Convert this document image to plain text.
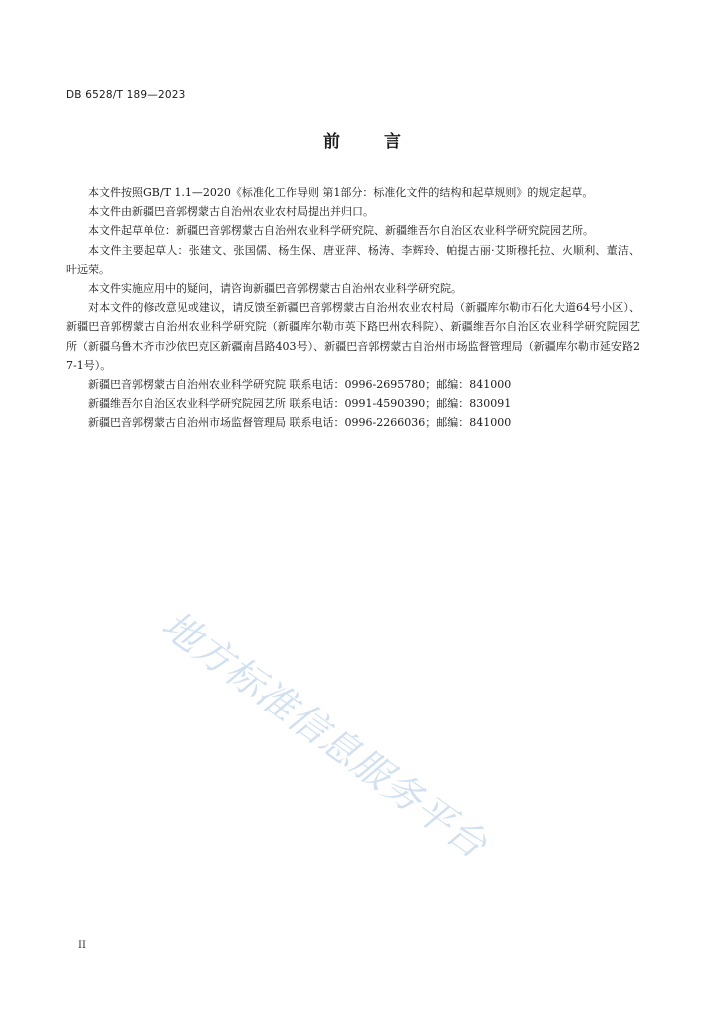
DB 6528/T 189—2023
前	言

本文件按照GB/T 1.1—2020《标准化工作导则 第1部分：标准化文件的结构和起草规则》的规定起草。

本文件由新疆巴音郭楞蒙古自治州农业农村局提出并归口。

本文件起草单位：新疆巴音郭楞蒙古自治州农业科学研究院、新疆维吾尔自治区农业科学研究院园艺所。

本文件主要起草人：张建文、张国儒、杨生保、唐亚萍、杨涛、李辉玲、帕提古丽·艾斯穆托拉、火顺利、董洁、叶远荣。

本文件实施应用中的疑问，请咨询新疆巴音郭楞蒙古自治州农业科学研究院。

对本文件的修改意见或建议，请反馈至新疆巴音郭楞蒙古自治州农业农村局（新疆库尔勒市石化大道64号小区）、新疆巴音郭楞蒙古自治州农业科学研究院（新疆库尔勒市英下路巴州农科院）、新疆维吾尔自治区农业科学研究院园艺所（新疆乌鲁木齐市沙依巴克区新疆南昌路403号）、新疆巴音郭楞蒙古自治州市场监督管理局（新疆库尔勒市延安路27-1号）。

新疆巴音郭楞蒙古自治州农业科学研究院 联系电话：0996-2695780；邮编：841000

新疆维吾尔自治区农业科学研究院园艺所 联系电话：0991-4590390；邮编：830091

新疆巴音郭楞蒙古自治州市场监督管理局 联系电话：0996-2266036；邮编：841000

地方标准信息服务平台
II
